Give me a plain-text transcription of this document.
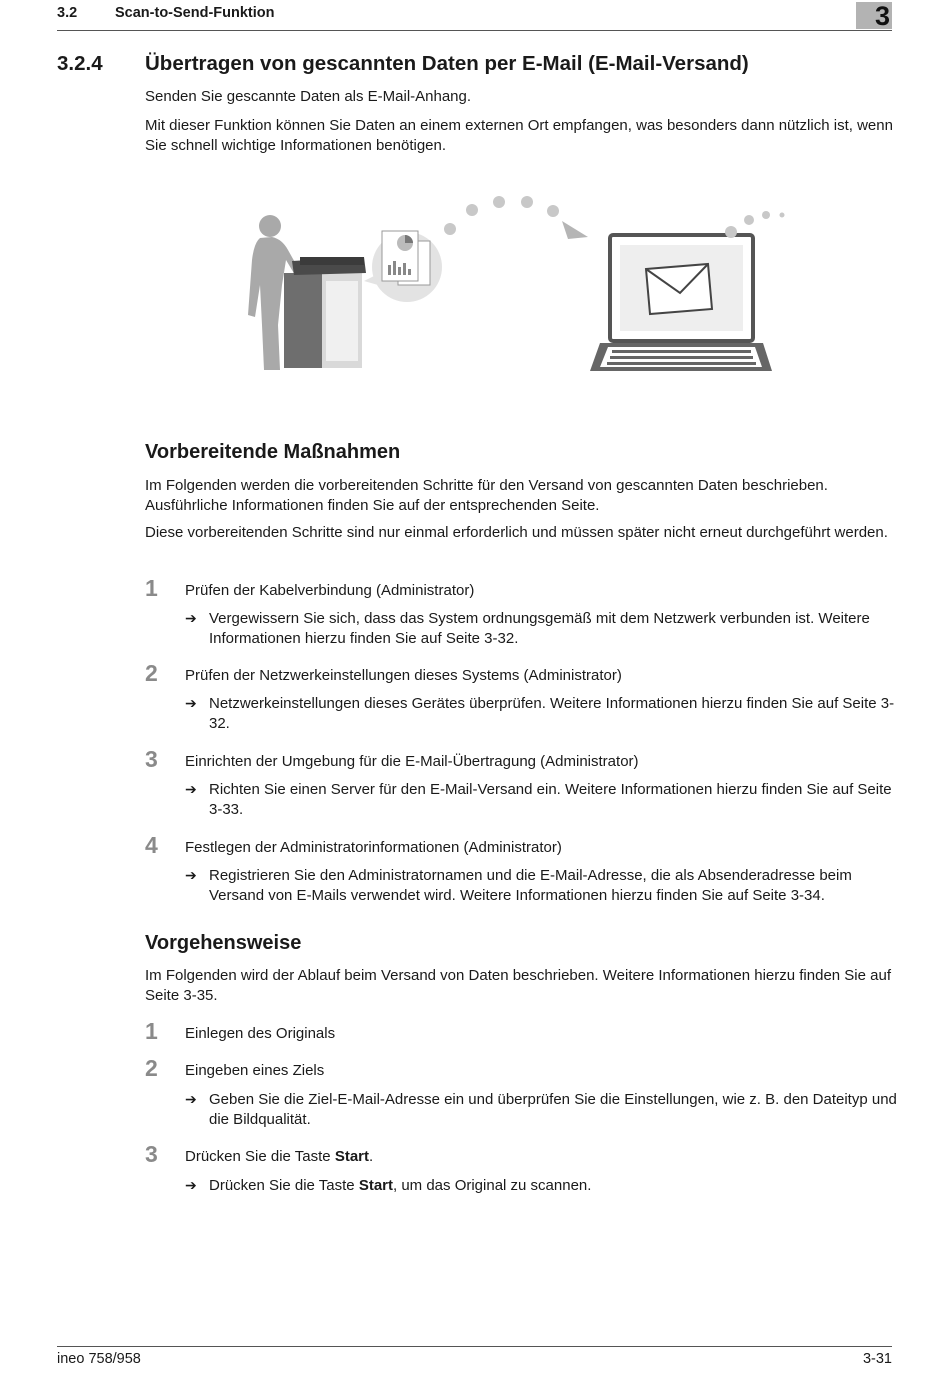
3.2	Scan-to-Send-Funktion	3
3.2.4 Übertragen von gescannten Daten per E-Mail (E-Mail-Versand)
Senden Sie gescannte Daten als E-Mail-Anhang.
Mit dieser Funktion können Sie Daten an einem externen Ort empfangen, was besonders dann nützlich ist, wenn Sie schnell wichtige Informationen benötigen.
Vorbereitende Maßnahmen
Im Folgenden werden die vorbereitenden Schritte für den Versand von gescannten Daten beschrieben. Ausführliche Informationen finden Sie auf der entsprechenden Seite.
Diese vorbereitenden Schritte sind nur einmal erforderlich und müssen später nicht erneut durchgeführt werden.
1 Prüfen der Kabelverbindung (Administrator)
➔ Vergewissern Sie sich, dass das System ordnungsgemäß mit dem Netzwerk verbunden ist. Weitere Informationen hierzu finden Sie auf Seite 3-32.
2 Prüfen der Netzwerkeinstellungen dieses Systems (Administrator)
➔ Netzwerkeinstellungen dieses Gerätes überprüfen. Weitere Informationen hierzu finden Sie auf Seite 3-32.
3 Einrichten der Umgebung für die E-Mail-Übertragung (Administrator)
➔ Richten Sie einen Server für den E-Mail-Versand ein. Weitere Informationen hierzu finden Sie auf Seite 3-33.
4 Festlegen der Administratorinformationen (Administrator)
➔ Registrieren Sie den Administratornamen und die E-Mail-Adresse, die als Absenderadresse beim Versand von E-Mails verwendet wird. Weitere Informationen hierzu finden Sie auf Seite 3-34.
Vorgehensweise
Im Folgenden wird der Ablauf beim Versand von Daten beschrieben. Weitere Informationen hierzu finden Sie auf Seite 3-35.
1 Einlegen des Originals
2 Eingeben eines Ziels
➔ Geben Sie die Ziel-E-Mail-Adresse ein und überprüfen Sie die Einstellungen, wie z. B. den Dateityp und die Bildqualität.
3 Drücken Sie die Taste Start.
➔ Drücken Sie die Taste Start, um das Original zu scannen.
ineo 758/958	3-31
